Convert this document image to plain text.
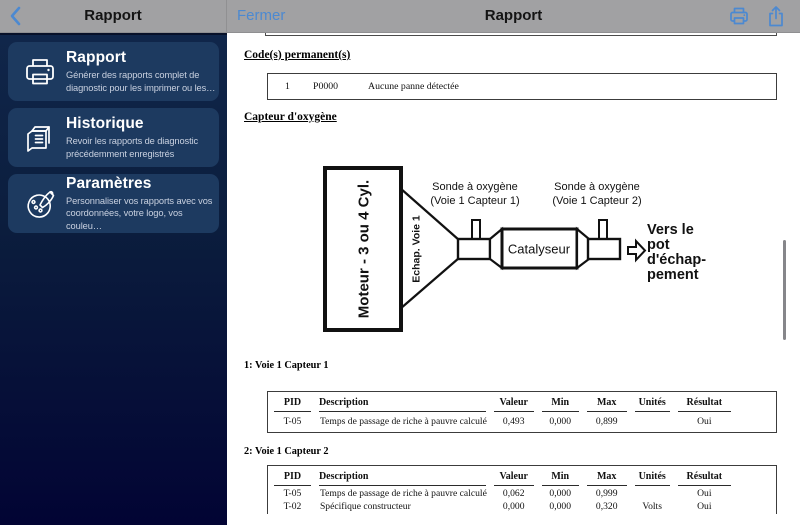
Rapport	Fermer	Rapport
Rapport
Générer des rapports complet de diagnostic pour les imprimer ou les…
Historique
Revoir les rapports de diagnostic précédemment enregistrés
Paramètres
Personnaliser vos rapports avec vos coordonnées, votre logo, vos couleu…
Code(s) permanent(s)
1 P0000	Aucune panne détectée
Capteur d'oxygène
Moteur - 3 ou 4 Cyl.	Echap. Voie 1	Catalyseur
Sonde à oxygène
(Voie 1 Capteur 1)
Sonde à oxygène
(Voie 1 Capteur 2)
Vers le
pot
d'échap-
pement
1: Voie 1 Capteur 1
PID	Description	Valeur	Min	Max	Unités	Résultat

T-05	Temps de passage de riche à pauvre calculé	0,493	0,000	0,899		Oui
2: Voie 1 Capteur 2
PID	Description	Valeur	Min	Max	Unités	Résultat

T-05	Temps de passage de riche à pauvre calculé	0,062	0,000	0,999		Oui
T-02	Spécifique constructeur	0,000	0,000	0,320	Volts	Oui
